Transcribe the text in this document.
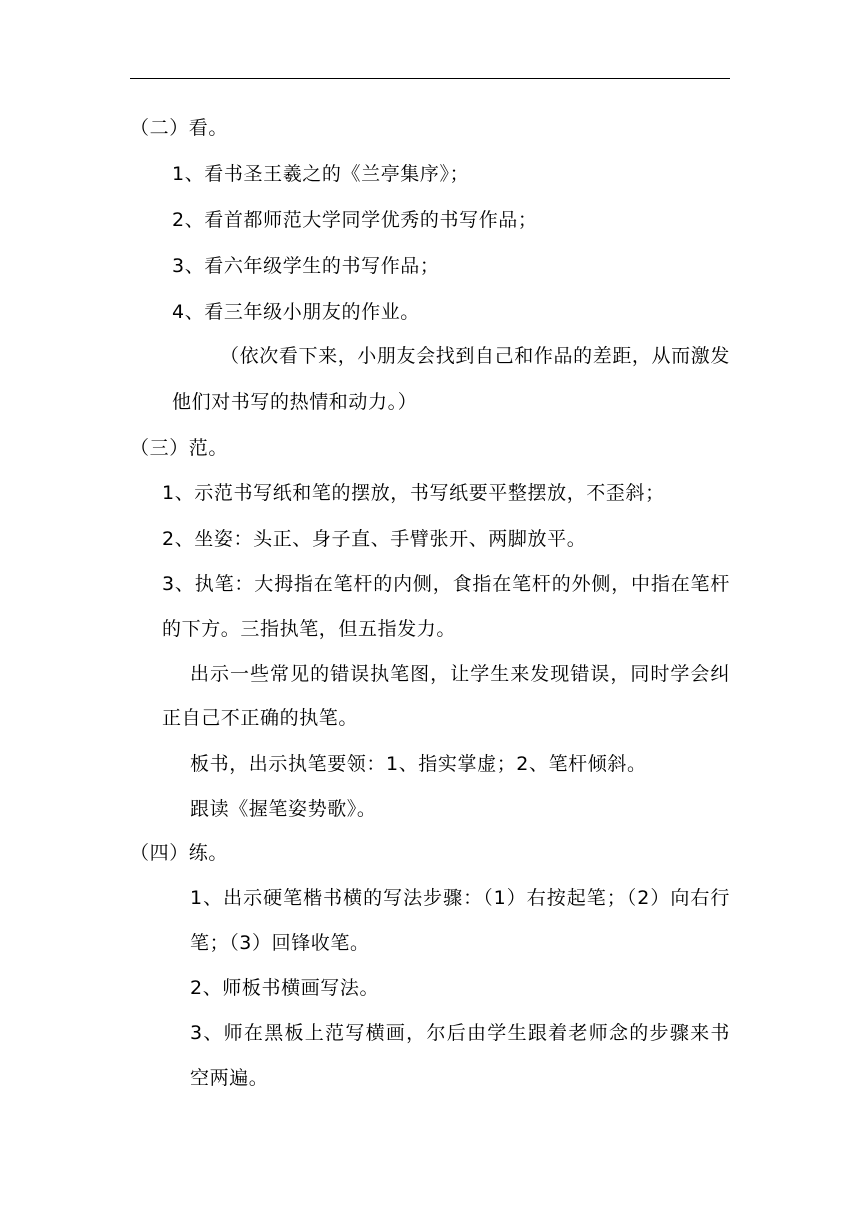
（二）看。
1、看书圣王羲之的《兰亭集序》；
2、看首都师范大学同学优秀的书写作品；
3、看六年级学生的书写作品；
4、看三年级小朋友的作业。
（依次看下来，小朋友会找到自己和作品的差距，从而激发
他们对书写的热情和动力。）
（三）范。
1、示范书写纸和笔的摆放，书写纸要平整摆放，不歪斜；
2、坐姿：头正、身子直、手臂张开、两脚放平。
3、执笔：大拇指在笔杆的内侧，食指在笔杆的外侧，中指在笔杆
的下方。三指执笔，但五指发力。
出示一些常见的错误执笔图，让学生来发现错误，同时学会纠
正自己不正确的执笔。
板书，出示执笔要领：1、指实掌虚；2、笔杆倾斜。
跟读《握笔姿势歌》。
（四）练。
1、出示硬笔楷书横的写法步骤：（1）右按起笔；（2）向右行
笔；（3）回锋收笔。
2、师板书横画写法。
3、师在黑板上范写横画，尔后由学生跟着老师念的步骤来书
空两遍。
